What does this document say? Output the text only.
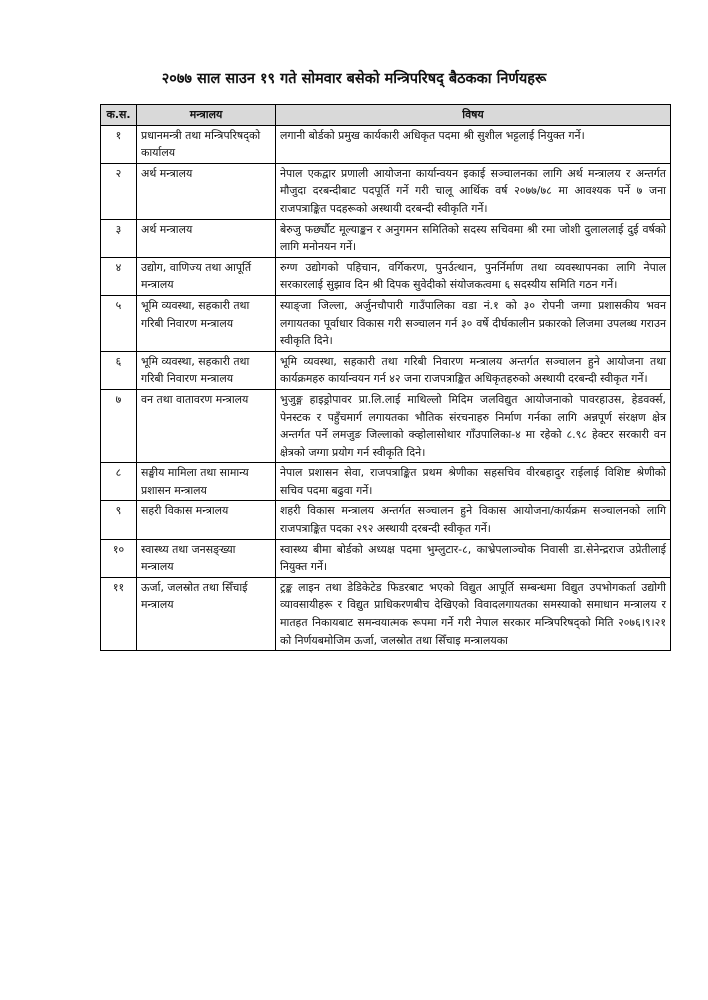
२०७७ साल साउन १९ गते सोमवार बसेको मन्त्रिपरिषद् बैठकका निर्णयहरू
क.स.	मन्त्रालय	विषय
१	प्रधानमन्त्री तथा मन्त्रिपरिषद्को कार्यालय	लगानी बोर्डको प्रमुख कार्यकारी अधिकृत पदमा श्री सुशील भट्टलाई नियुक्त गर्ने।
२	अर्थ मन्त्रालय	नेपाल एकद्वार प्रणाली आयोजना कार्यान्वयन इकाई सञ्चालनका लागि अर्थ मन्त्रालय र अन्तर्गत मौजुदा दरबन्दीबाट पदपूर्ति गर्ने गरी चालू आर्थिक वर्ष २०७७/७८ मा आवश्यक पर्ने ७ जना राजपत्राङ्कित पदहरूको अस्थायी दरबन्दी स्वीकृति गर्ने।
३	अर्थ मन्त्रालय	बेरुजु फर्छ्यौट मूल्याङ्कन र अनुगमन समितिको सदस्य सचिवमा श्री रमा जोशी दुलाललाई दुई वर्षको लागि मनोनयन गर्ने।
४	उद्योग, वाणिज्य तथा आपूर्ति मन्त्रालय	रुग्ण उद्योगको पहिचान, वर्गिकरण, पुनर्उत्थान, पुनर्निर्माण तथा व्यवस्थापनका लागि नेपाल सरकारलाई सुझाव दिन श्री दिपक सुवेदीको संयोजकत्वमा ६ सदस्यीय समिति गठन गर्ने।
५	भूमि व्यवस्था, सहकारी तथा गरिबी निवारण मन्त्रालय	स्याङ्‌जा जिल्ला, अर्जुनचौपारी गाउँपालिका वडा नं.१ को ३० रोपनी जग्गा प्रशासकीय भवन लगायतका पूर्वाधार विकास गरी सञ्चालन गर्न ३० वर्षे दीर्घकालीन प्रकारको लिजमा उपलब्ध गराउन स्वीकृति दिने।
६	भूमि व्यवस्था, सहकारी तथा गरिबी निवारण मन्त्रालय	भूमि व्यवस्था, सहकारी तथा गरिबी निवारण मन्त्रालय अन्तर्गत सञ्चालन हुने आयोजना तथा कार्यक्रमहरु कार्यान्वयन गर्न ४२ जना राजपत्राङ्कित अधिकृतहरुको अस्थायी दरबन्दी स्वीकृत गर्ने।
७	वन तथा वातावरण मन्त्रालय	भुजुङ्ग हाइड्रोपावर प्रा.लि.लाई माथिल्लो मिदिम जलविद्युत आयोजनाको पावरहाउस, हेडवर्क्स, पेनस्टक र पहुँचमार्ग लगायतका भौतिक संरचनाहरु निर्माण गर्नका लागि अन्नपूर्ण संरक्षण क्षेत्र अन्तर्गत पर्ने लमजुङ जिल्लाको क्व्होलासोथार गाँउपालिका-४ मा रहेको ८.९८ हेक्टर सरकारी वन क्षेत्रको जग्गा प्रयोग गर्न स्वीकृति दिने।
८	सङ्घीय मामिला तथा सामान्य प्रशासन मन्त्रालय	नेपाल प्रशासन सेवा, राजपत्राङ्कित प्रथम श्रेणीका सहसचिव वीरबहादुर राईलाई विशिष्ट श्रेणीको सचिव पदमा बढुवा गर्ने।
९	सहरी विकास मन्त्रालय	शहरी विकास मन्त्रालय अन्तर्गत सञ्चालन हुने विकास आयोजना/कार्यक्रम सञ्चालनको लागि राजपत्राङ्कित पदका २९२ अस्थायी दरबन्दी स्वीकृत गर्ने।
१०	स्वास्थ्य तथा जनसङ्ख्या मन्त्रालय	स्वास्थ्य बीमा बोर्डको अध्यक्ष पदमा भुम्लुटार-८, काभ्रेपलाञ्चोक निवासी डा.सेनेन्द्रराज उप्रेतीलाई नियुक्त गर्ने।
११	ऊर्जा, जलस्रोत तथा सिँचाई मन्त्रालय	ट्रङ्क लाइन तथा डेडिकेटेड फिडरबाट भएको विद्युत आपूर्ति सम्बन्धमा विद्युत उपभोगकर्ता उद्योगी व्यावसायीहरू र विद्युत प्राधिकरणबीच देखिएको विवादलगायतका समस्याको समाधान मन्त्रालय र मातहत निकायबाट समन्वयात्मक रूपमा गर्ने गरी नेपाल सरकार मन्त्रिपरिषद्को मिति २०७६।९।२१ को निर्णयबमोजिम ऊर्जा, जलस्रोत तथा सिँचाइ मन्त्रालयका
